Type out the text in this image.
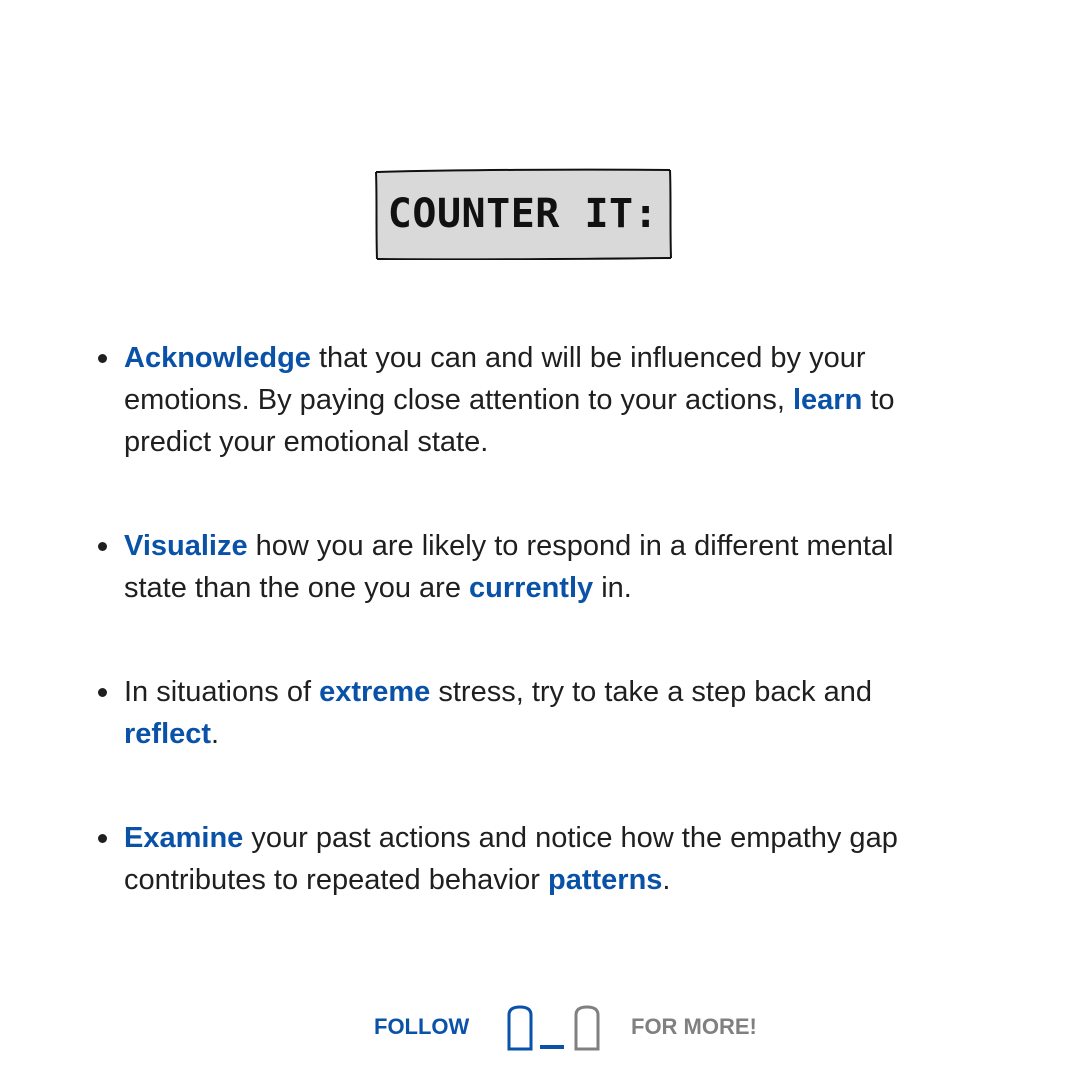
COUNTER IT:
Acknowledge that you can and will be influenced by your emotions. By paying close attention to your actions, learn to predict your emotional state.
Visualize how you are likely to respond in a different mental state than the one you are currently in.
In situations of extreme stress, try to take a step back and reflect.
Examine your past actions and notice how the empathy gap contributes to repeated behavior patterns.
FOLLOW	FOR MORE!
